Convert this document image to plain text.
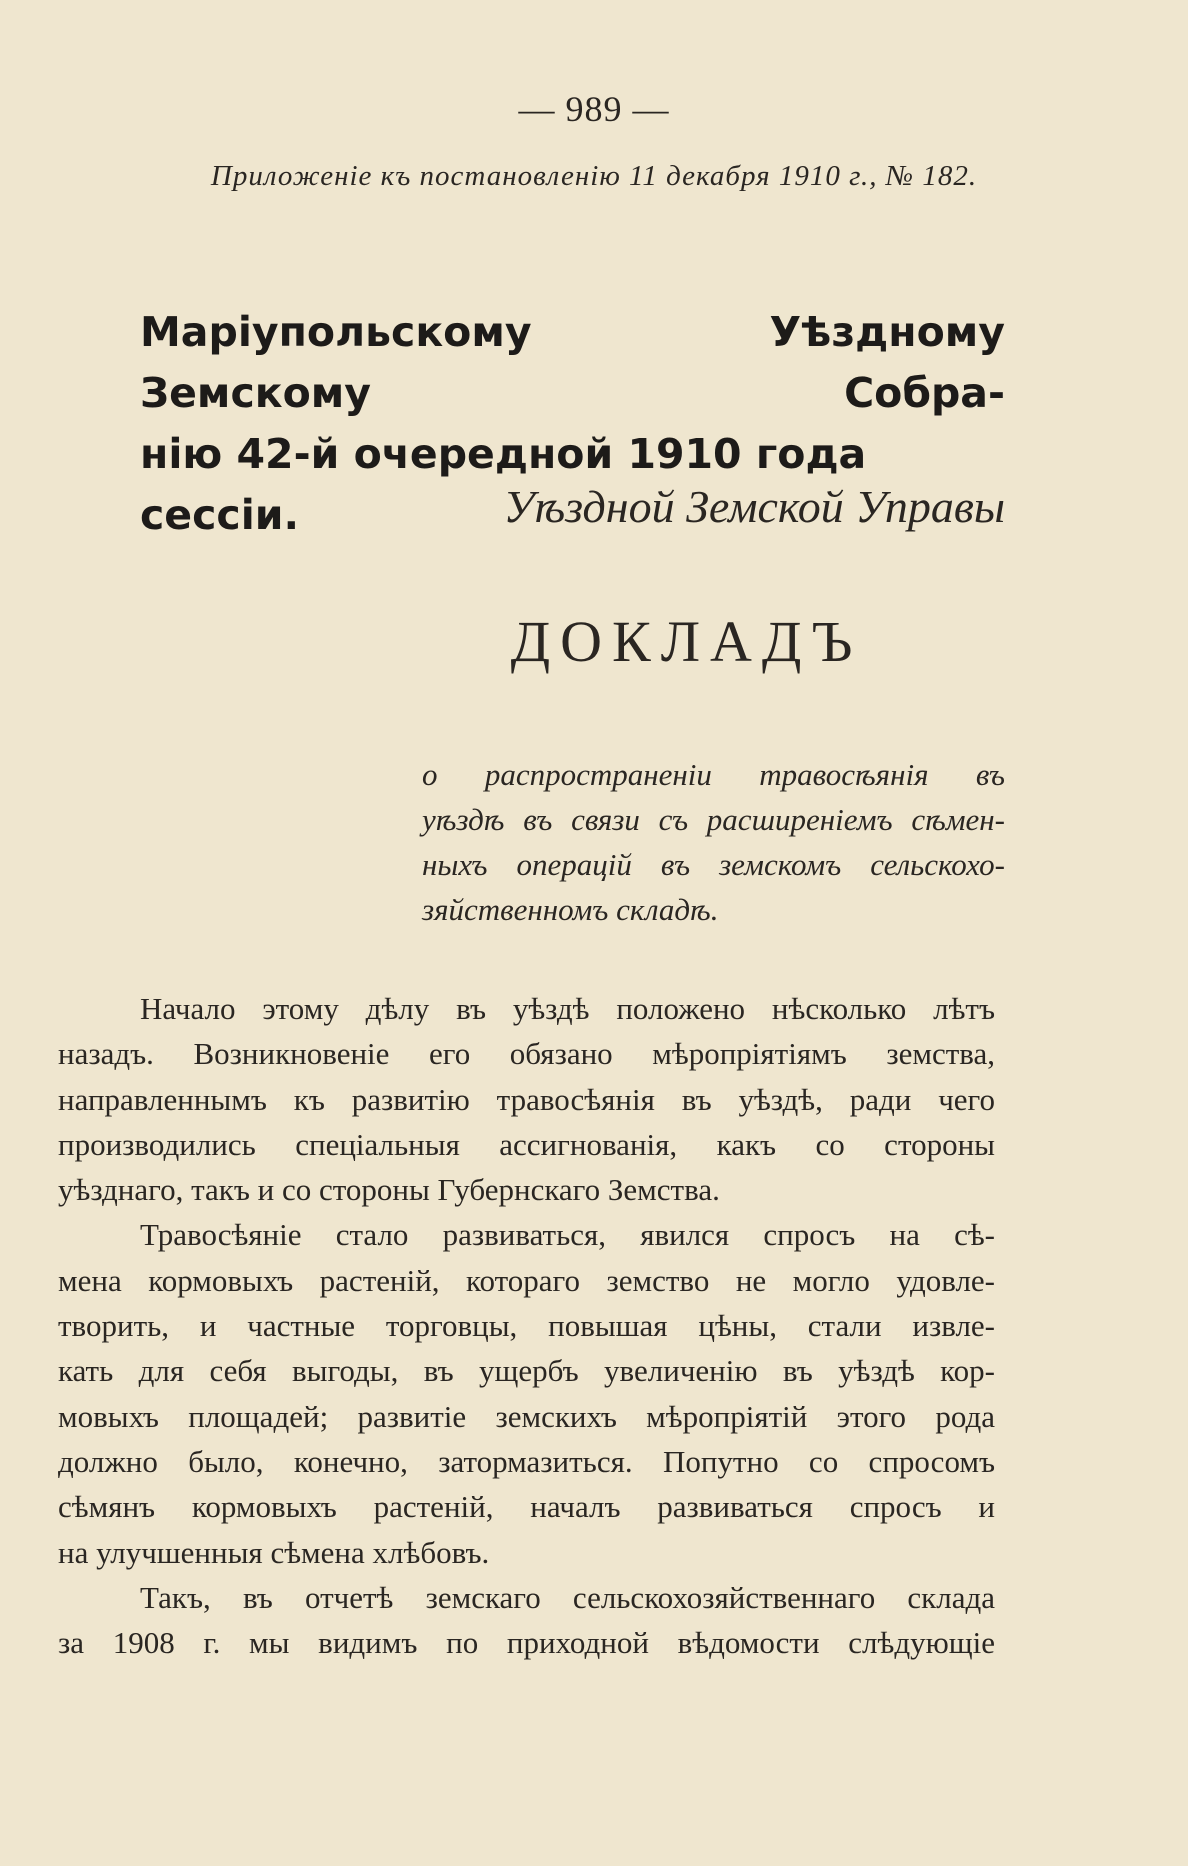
— 989 —
Приложеніе къ постановленію 11 декабря 1910 г., № 182.
Маріупольскому Уѣздному Земскому Собра-
нію 42-й очередной 1910 года сессіи.	Уѣздной Земской Управы
ДОКЛАДЪ
о распространеніи травосѣянія въ
уѣздѣ въ связи съ расширеніемъ сѣмен-
ныхъ операцій въ земскомъ сельскохо-
зяйственномъ складѣ.
Начало этому дѣлу въ уѣздѣ положено нѣсколько лѣтъ
назадъ. Возникновеніе его обязано мѣропріятіямъ земства,
направленнымъ къ развитію травосѣянія въ уѣздѣ, ради чего
производились спеціальныя ассигнованія, какъ со стороны
уѣзднаго, такъ и со стороны Губернскаго Земства.
Травосѣяніе стало развиваться, явился спросъ на сѣ-
мена кормовыхъ растеній, котораго земство не могло удовле-
творить, и частные торговцы, повышая цѣны, стали извле-
кать для себя выгоды, въ ущербъ увеличенію въ уѣздѣ кор-
мовыхъ площадей; развитіе земскихъ мѣропріятій этого рода
должно было, конечно, затормазиться. Попутно со спросомъ
сѣмянъ кормовыхъ растеній, началъ развиваться спросъ и
на улучшенныя сѣмена хлѣбовъ.
Такъ, въ отчетѣ земскаго сельскохозяйственнаго склада
за 1908 г. мы видимъ по приходной вѣдомости слѣдующіе
